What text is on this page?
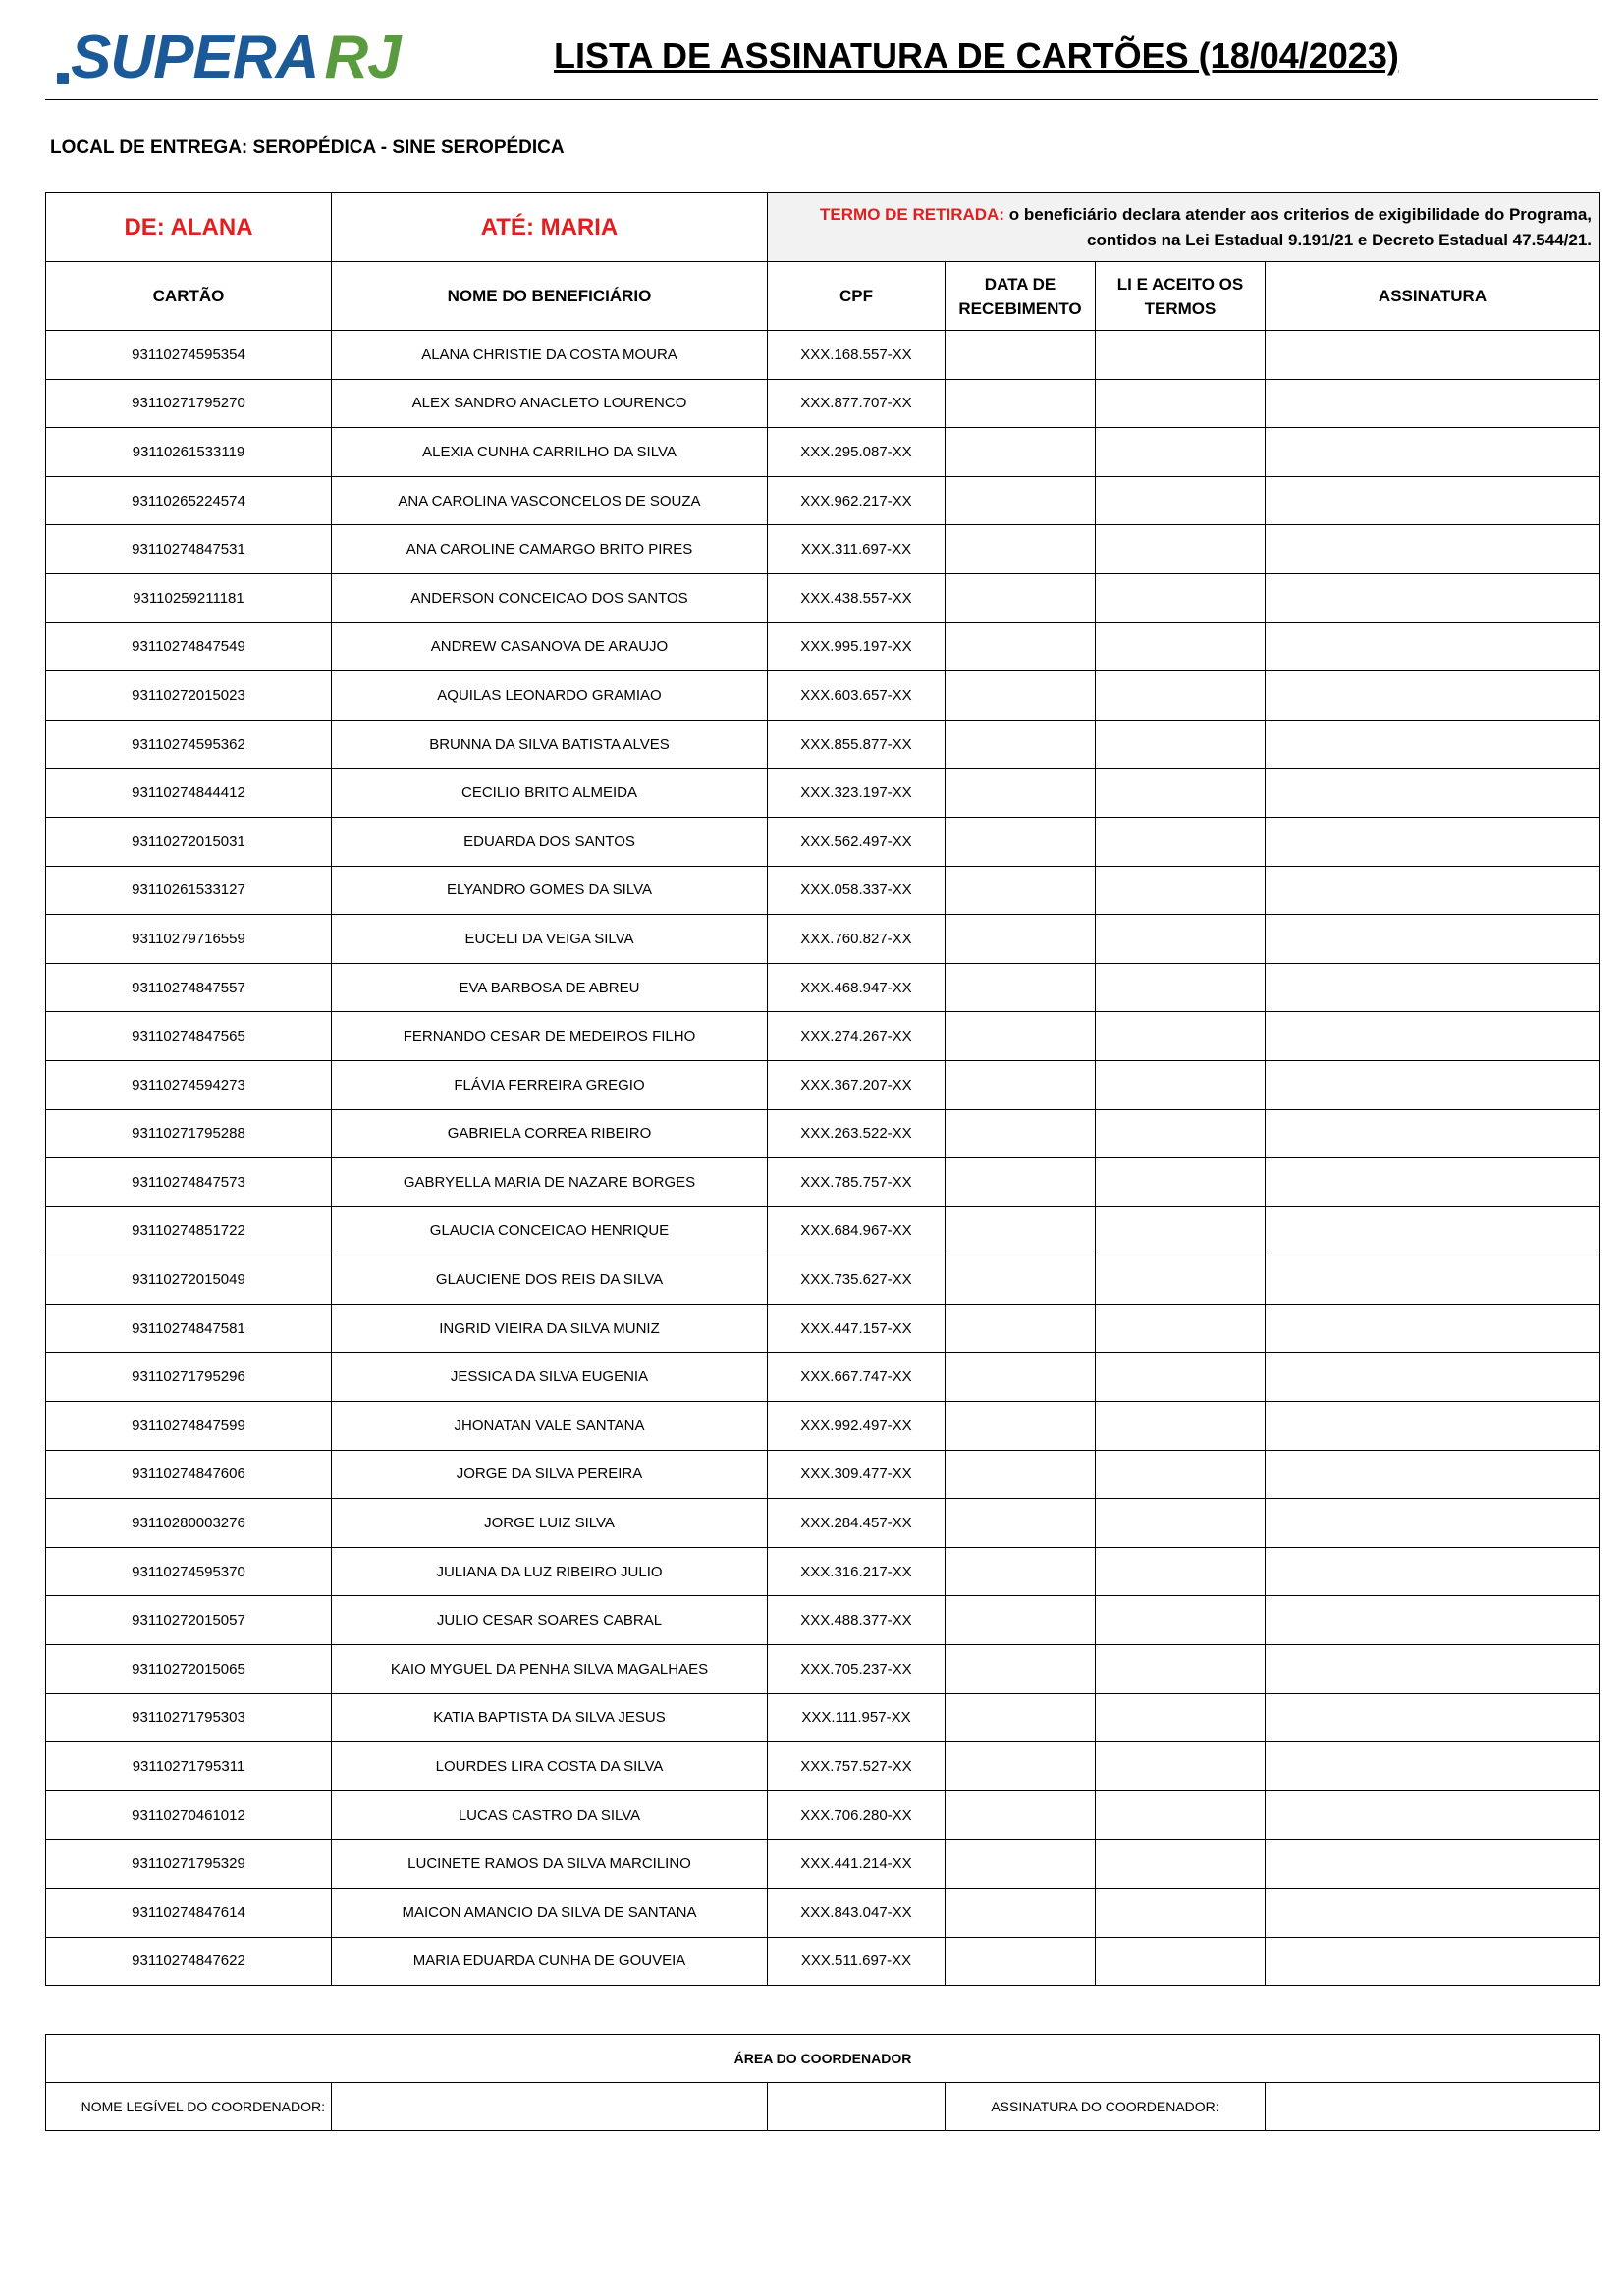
SUPERA RJ	LISTA DE ASSINATURA DE CARTÕES (18/04/2023)
LOCAL DE ENTREGA: SEROPÉDICA - SINE SEROPÉDICA
DE: ALANA	ATÉ: MARIA	TERMO DE RETIRADA: o beneficiário declara atender aos criterios de exigibilidade do Programa, contidos na Lei Estadual 9.191/21 e Decreto Estadual 47.544/21.			
CARTÃO	NOME DO BENEFICIÁRIO	CPF	DATA DE RECEBIMENTO	LI E ACEITO OS TERMOS	ASSINATURA
93110274595354	ALANA CHRISTIE DA COSTA MOURA	XXX.168.557-XX			
93110271795270	ALEX SANDRO ANACLETO LOURENCO	XXX.877.707-XX			
93110261533119	ALEXIA CUNHA CARRILHO DA SILVA	XXX.295.087-XX			
93110265224574	ANA CAROLINA VASCONCELOS DE SOUZA	XXX.962.217-XX			
93110274847531	ANA CAROLINE CAMARGO BRITO PIRES	XXX.311.697-XX			
93110259211181	ANDERSON CONCEICAO DOS SANTOS	XXX.438.557-XX			
93110274847549	ANDREW CASANOVA DE ARAUJO	XXX.995.197-XX			
93110272015023	AQUILAS LEONARDO GRAMIAO	XXX.603.657-XX			
93110274595362	BRUNNA DA SILVA BATISTA ALVES	XXX.855.877-XX			
93110274844412	CECILIO BRITO ALMEIDA	XXX.323.197-XX			
93110272015031	EDUARDA DOS SANTOS	XXX.562.497-XX			
93110261533127	ELYANDRO GOMES DA SILVA	XXX.058.337-XX			
93110279716559	EUCELI DA VEIGA SILVA	XXX.760.827-XX			
93110274847557	EVA BARBOSA DE ABREU	XXX.468.947-XX			
93110274847565	FERNANDO CESAR DE MEDEIROS FILHO	XXX.274.267-XX			
93110274594273	FLÁVIA FERREIRA GREGIO	XXX.367.207-XX			
93110271795288	GABRIELA CORREA RIBEIRO	XXX.263.522-XX			
93110274847573	GABRYELLA MARIA DE NAZARE BORGES	XXX.785.757-XX			
93110274851722	GLAUCIA CONCEICAO HENRIQUE	XXX.684.967-XX			
93110272015049	GLAUCIENE DOS REIS DA SILVA	XXX.735.627-XX			
93110274847581	INGRID VIEIRA DA SILVA MUNIZ	XXX.447.157-XX			
93110271795296	JESSICA DA SILVA EUGENIA	XXX.667.747-XX			
93110274847599	JHONATAN VALE SANTANA	XXX.992.497-XX			
93110274847606	JORGE DA SILVA PEREIRA	XXX.309.477-XX			
93110280003276	JORGE LUIZ SILVA	XXX.284.457-XX			
93110274595370	JULIANA DA LUZ RIBEIRO JULIO	XXX.316.217-XX			
93110272015057	JULIO CESAR SOARES CABRAL	XXX.488.377-XX			
93110272015065	KAIO MYGUEL DA PENHA SILVA MAGALHAES	XXX.705.237-XX			
93110271795303	KATIA BAPTISTA DA SILVA JESUS	XXX.111.957-XX			
93110271795311	LOURDES LIRA COSTA DA SILVA	XXX.757.527-XX			
93110270461012	LUCAS CASTRO DA SILVA	XXX.706.280-XX			
93110271795329	LUCINETE RAMOS DA SILVA MARCILINO	XXX.441.214-XX			
93110274847614	MAICON AMANCIO DA SILVA DE SANTANA	XXX.843.047-XX			
93110274847622	MARIA EDUARDA CUNHA DE GOUVEIA	XXX.511.697-XX			
ÁREA DO COORDENADOR
NOME LEGÍVEL DO COORDENADOR:			ASSINATURA DO COORDENADOR:	
